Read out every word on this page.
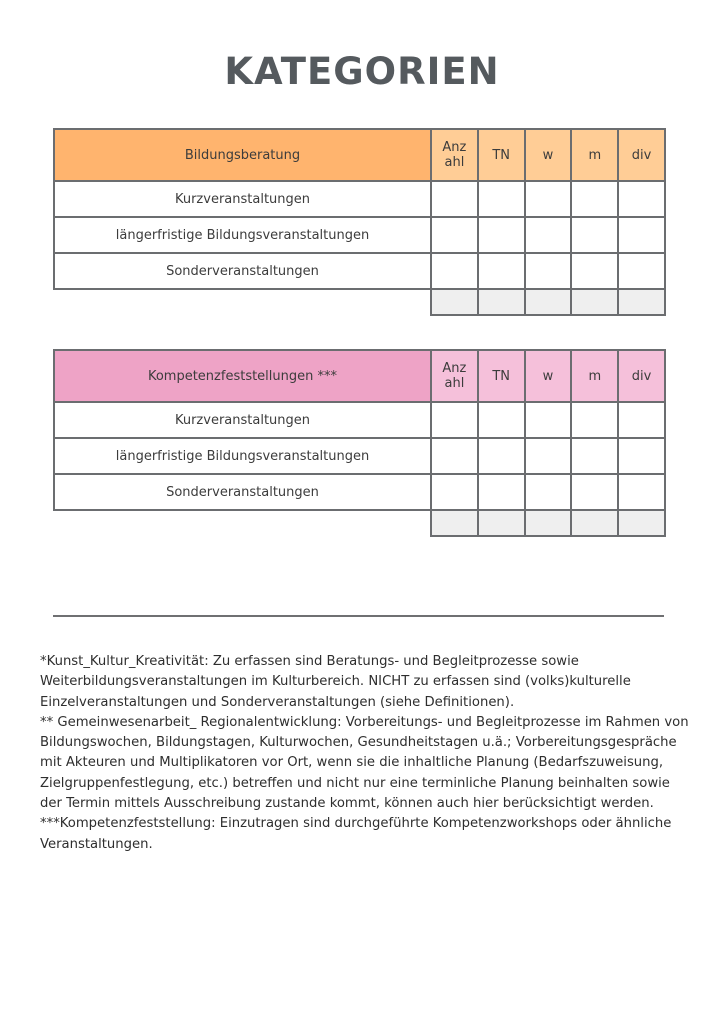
KATEGORIEN
Bildungsberatung	Anz ahl	TN	w	m	div
Kurzveranstaltungen					
längerfristige Bildungsveranstaltungen					
Sonderveranstaltungen					

Kompetenzfeststellungen ***	Anz ahl	TN	w	m	div
Kurzveranstaltungen					
längerfristige Bildungsveranstaltungen					
Sonderveranstaltungen					

*Kunst_Kultur_Kreativität: Zu erfassen sind Beratungs- und Begleitprozesse sowie Weiterbildungsveranstaltungen im Kulturbereich. NICHT zu erfassen sind (volks)kulturelle Einzelveranstaltungen und Sonderveranstaltungen (siehe Definitionen).

** Gemeinwesenarbeit_ Regionalentwicklung: Vorbereitungs- und Begleitprozesse im Rahmen von Bildungswochen, Bildungstagen, Kulturwochen, Gesundheitstagen u.ä.; Vorbereitungsgespräche mit Akteuren und Multiplikatoren vor Ort, wenn sie die inhaltliche Planung (Bedarfszuweisung, Zielgruppenfestlegung, etc.) betreffen und nicht nur eine terminliche Planung beinhalten sowie der Termin mittels Ausschreibung zustande kommt, können auch hier berücksichtigt werden.

***Kompetenzfeststellung: Einzutragen sind durchgeführte Kompetenzworkshops oder ähnliche Veranstaltungen.
